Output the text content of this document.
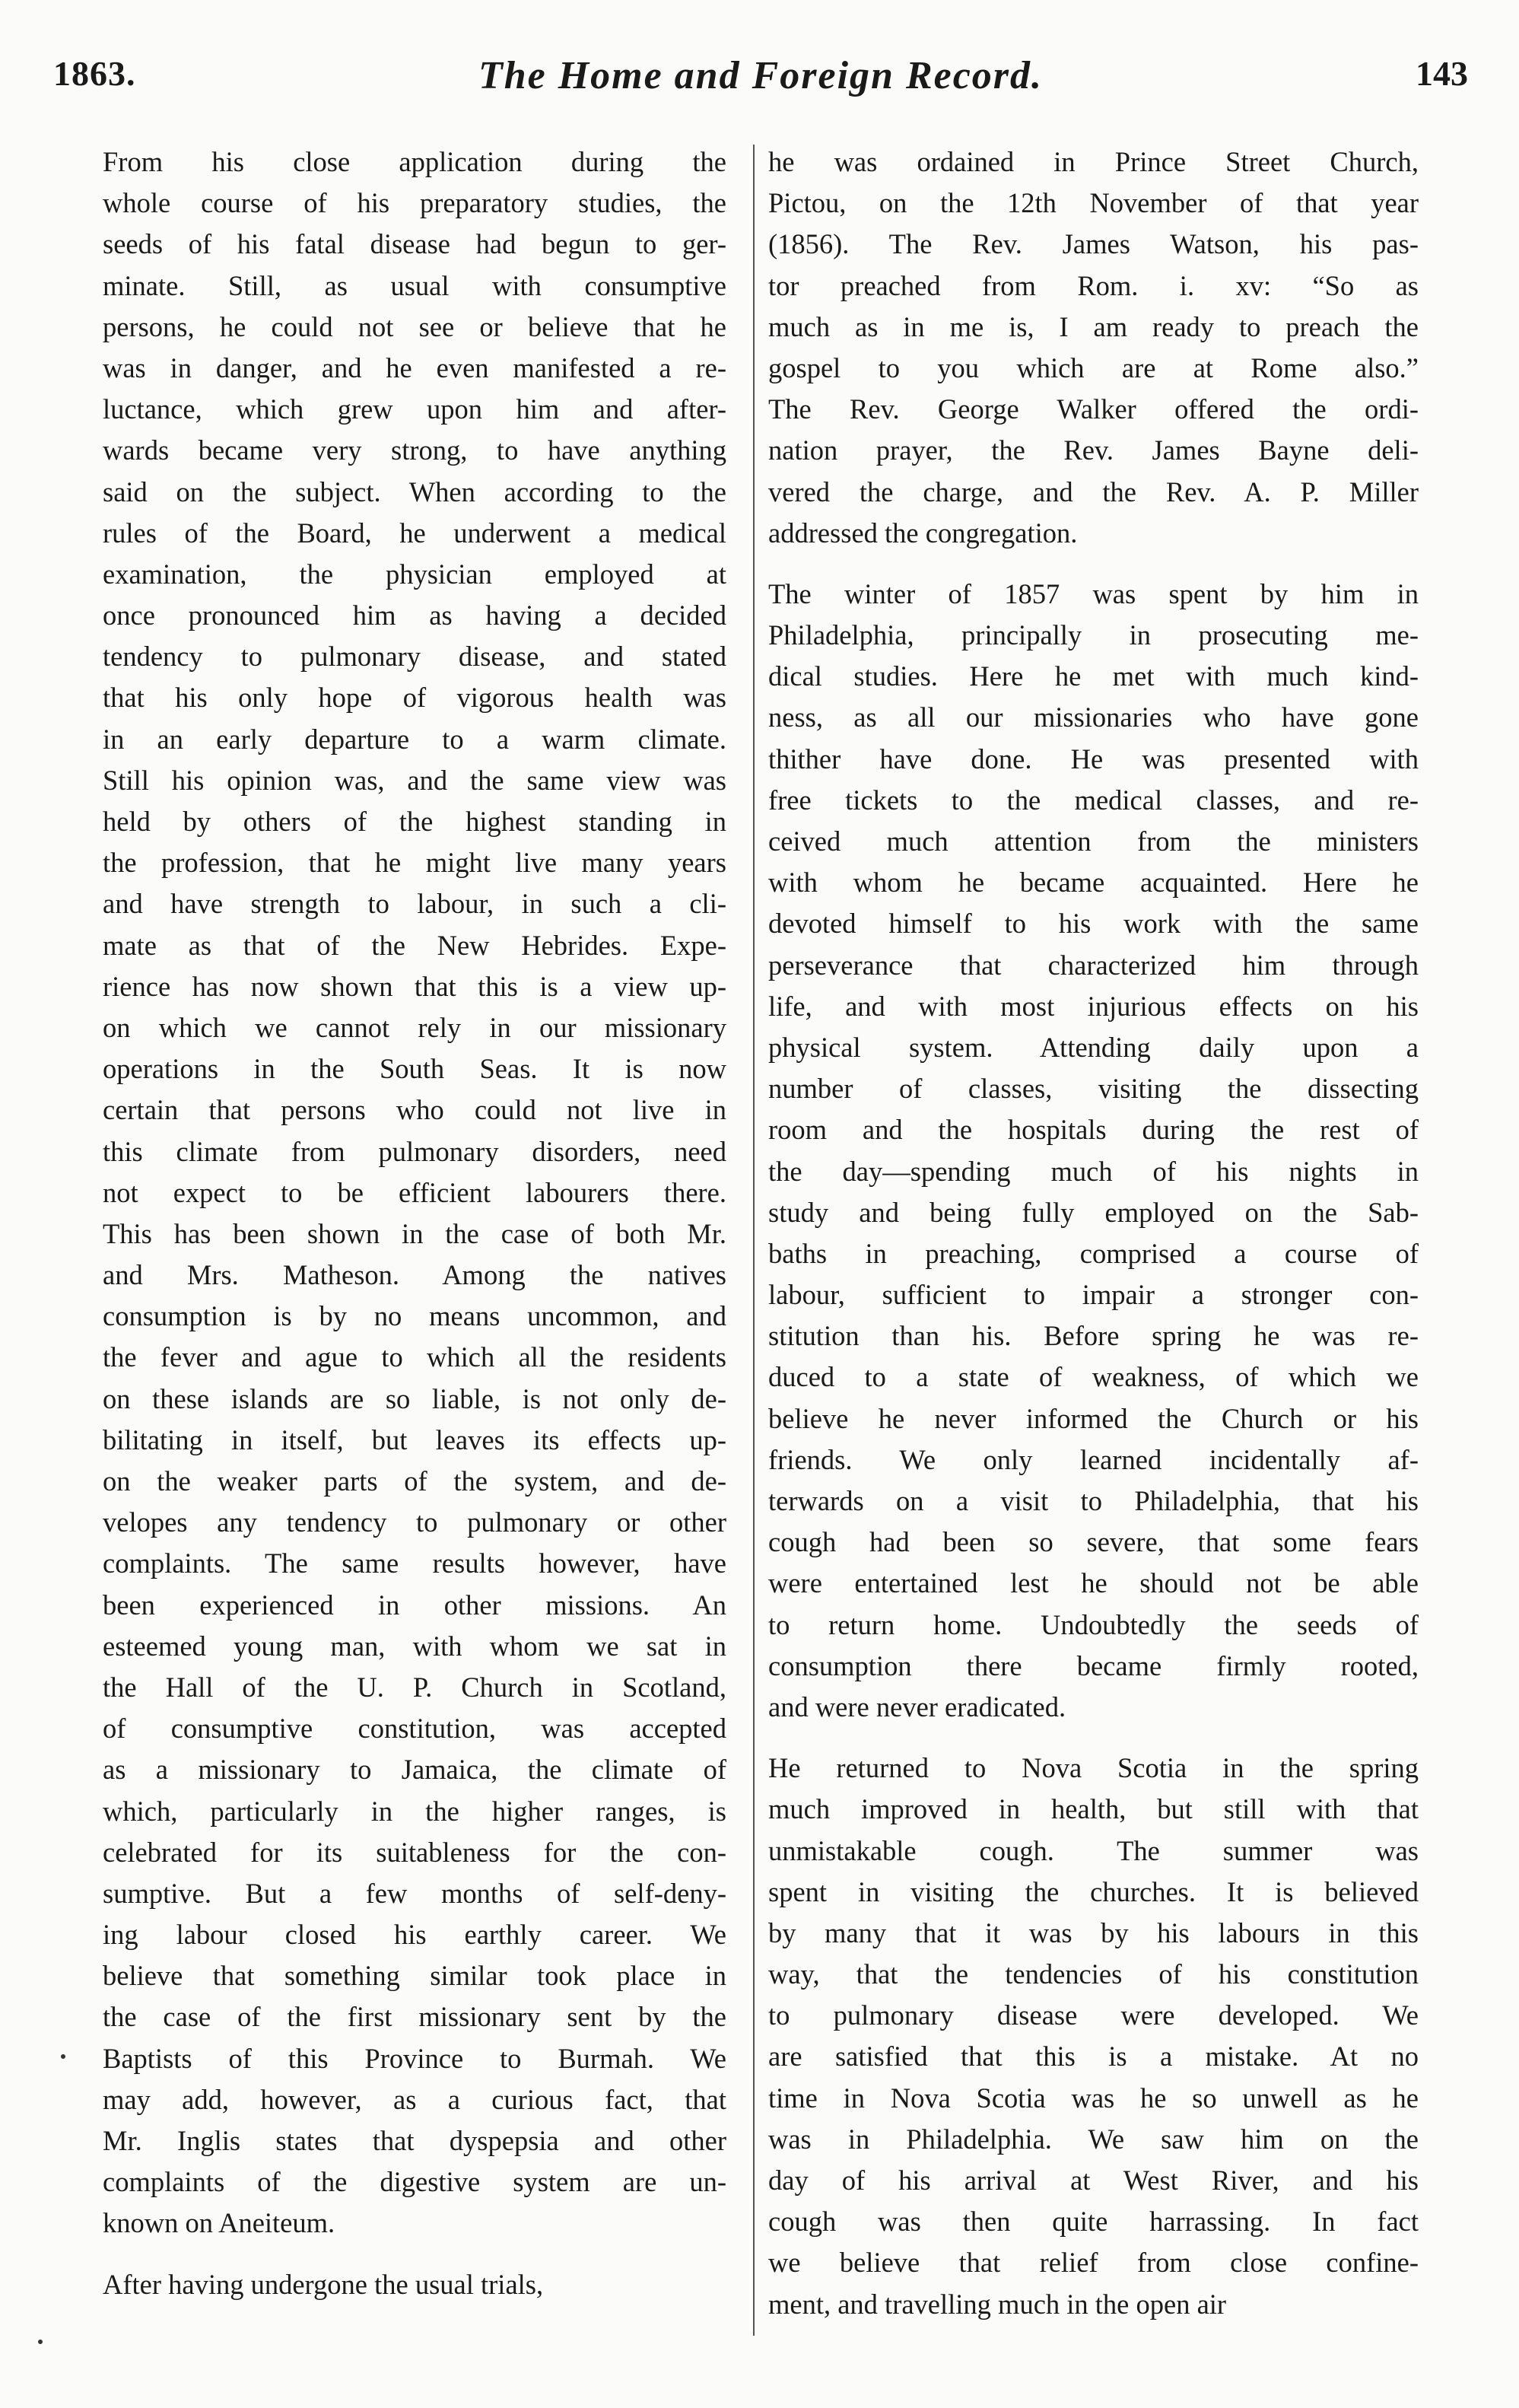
1863.	The Home and Foreign Record.	143
From his close application during the
whole course of his preparatory studies, the
seeds of his fatal disease had begun to ger-
minate. Still, as usual with consumptive
persons, he could not see or believe that he
was in danger, and he even manifested a re-
luctance, which grew upon him and after-
wards became very strong, to have anything
said on the subject. When according to the
rules of the Board, he underwent a medical
examination, the physician employed at
once pronounced him as having a decided
tendency to pulmonary disease, and stated
that his only hope of vigorous health was
in an early departure to a warm climate.
Still his opinion was, and the same view was
held by others of the highest standing in
the profession, that he might live many years
and have strength to labour, in such a cli-
mate as that of the New Hebrides. Expe-
rience has now shown that this is a view up-
on which we cannot rely in our missionary
operations in the South Seas. It is now
certain that persons who could not live in
this climate from pulmonary disorders, need
not expect to be efficient labourers there.
This has been shown in the case of both Mr.
and Mrs. Matheson. Among the natives
consumption is by no means uncommon, and
the fever and ague to which all the residents
on these islands are so liable, is not only de-
bilitating in itself, but leaves its effects up-
on the weaker parts of the system, and de-
velopes any tendency to pulmonary or other
complaints. The same results however, have
been experienced in other missions. An
esteemed young man, with whom we sat in
the Hall of the U. P. Church in Scotland,
of consumptive constitution, was accepted
as a missionary to Jamaica, the climate of
which, particularly in the higher ranges, is
celebrated for its suitableness for the con-
sumptive. But a few months of self-deny-
ing labour closed his earthly career. We
believe that something similar took place in
the case of the first missionary sent by the
Baptists of this Province to Burmah. We
may add, however, as a curious fact, that
Mr. Inglis states that dyspepsia and other
complaints of the digestive system are un-
known on Aneiteum.
After having undergone the usual trials,
he was ordained in Prince Street Church,
Pictou, on the 12th November of that year
(1856). The Rev. James Watson, his pas-
tor preached from Rom. i. xv: “So as
much as in me is, I am ready to preach the
gospel to you which are at Rome also.”
The Rev. George Walker offered the ordi-
nation prayer, the Rev. James Bayne deli-
vered the charge, and the Rev. A. P. Miller
addressed the congregation.
The winter of 1857 was spent by him in
Philadelphia, principally in prosecuting me-
dical studies. Here he met with much kind-
ness, as all our missionaries who have gone
thither have done. He was presented with
free tickets to the medical classes, and re-
ceived much attention from the ministers
with whom he became acquainted. Here he
devoted himself to his work with the same
perseverance that characterized him through
life, and with most injurious effects on his
physical system. Attending daily upon a
number of classes, visiting the dissecting
room and the hospitals during the rest of
the day—spending much of his nights in
study and being fully employed on the Sab-
baths in preaching, comprised a course of
labour, sufficient to impair a stronger con-
stitution than his. Before spring he was re-
duced to a state of weakness, of which we
believe he never informed the Church or his
friends. We only learned incidentally af-
terwards on a visit to Philadelphia, that his
cough had been so severe, that some fears
were entertained lest he should not be able
to return home. Undoubtedly the seeds of
consumption there became firmly rooted,
and were never eradicated.
He returned to Nova Scotia in the spring
much improved in health, but still with that
unmistakable cough. The summer was
spent in visiting the churches. It is believed
by many that it was by his labours in this
way, that the tendencies of his constitution
to pulmonary disease were developed. We
are satisfied that this is a mistake. At no
time in Nova Scotia was he so unwell as he
was in Philadelphia. We saw him on the
day of his arrival at West River, and his
cough was then quite harrassing. In fact
we believe that relief from close confine-
ment, and travelling much in the open air
